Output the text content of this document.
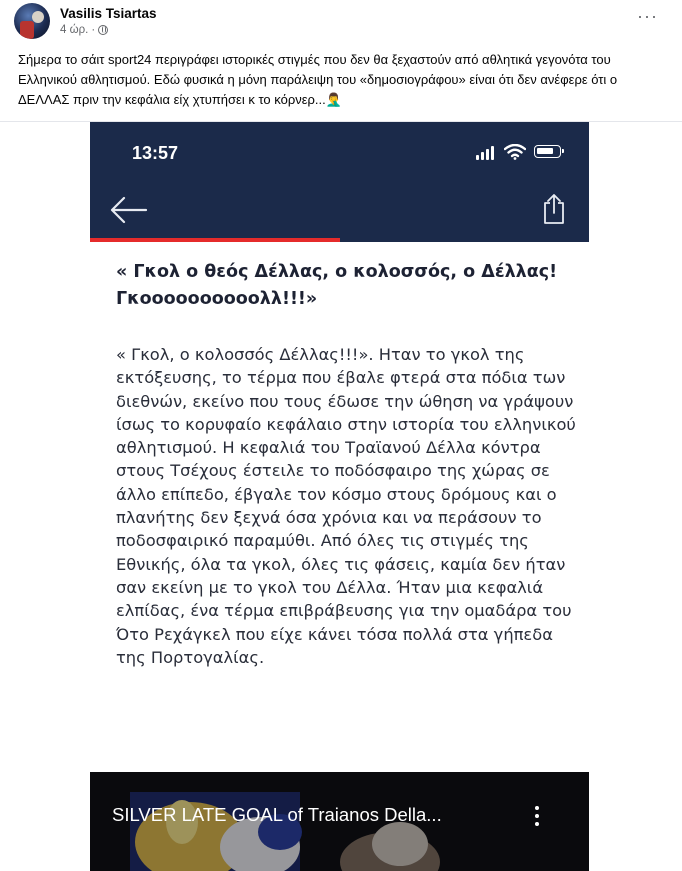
Vasilis Tsiartas
4 ώρ. ·
···
Σήμερα το σάιτ sport24 περιγράφει ιστορικές στιγμές που δεν θα ξεχαστούν από αθλητικά γεγονότα του Ελληνικού αθλητισμού. Εδώ φυσικά η μόνη παράλειψη του «δημοσιογράφου» είναι ότι δεν ανέφερε ότι ο ΔΕΛΛΑΣ πριν την κεφάλια είχ χτυπήσει κ το κόρνερ...🤦‍♂️
13:57

« Γκολ ο θεός Δέλλας, ο κολοσσός, ο Δέλλας! Γκοοοοοοοοοολλ!!!»

« Γκολ, ο κολοσσός Δέλλας!!!». Ηταν το γκολ της εκτόξευσης, το τέρμα που έβαλε φτερά στα πόδια των διεθνών, εκείνο που τους έδωσε την ώθηση να γράψουν ίσως το κορυφαίο κεφάλαιο στην ιστορία του ελληνικού αθλητισμού. Η κεφαλιά του Τραϊανού Δέλλα κόντρα στους Τσέχους έστειλε το ποδόσφαιρο της χώρας σε άλλο επίπεδο, έβγαλε τον κόσμο στους δρόμους και ο πλανήτης δεν ξεχνά όσα χρόνια και να περάσουν το ποδοσφαιρικό παραμύθι. Από όλες τις στιγμές της Εθνικής, όλα τα γκολ, όλες τις φάσεις, καμία δεν ήταν σαν εκείνη με το γκολ του Δέλλα. Ήταν μια κεφαλιά ελπίδας, ένα τέρμα επιβράβευσης για την ομαδάρα του Ότο Ρεχάγκελ που είχε κάνει τόσα πολλά στα γήπεδα της Πορτογαλίας.
SILVER LATE GOAL of Traianos Della...
